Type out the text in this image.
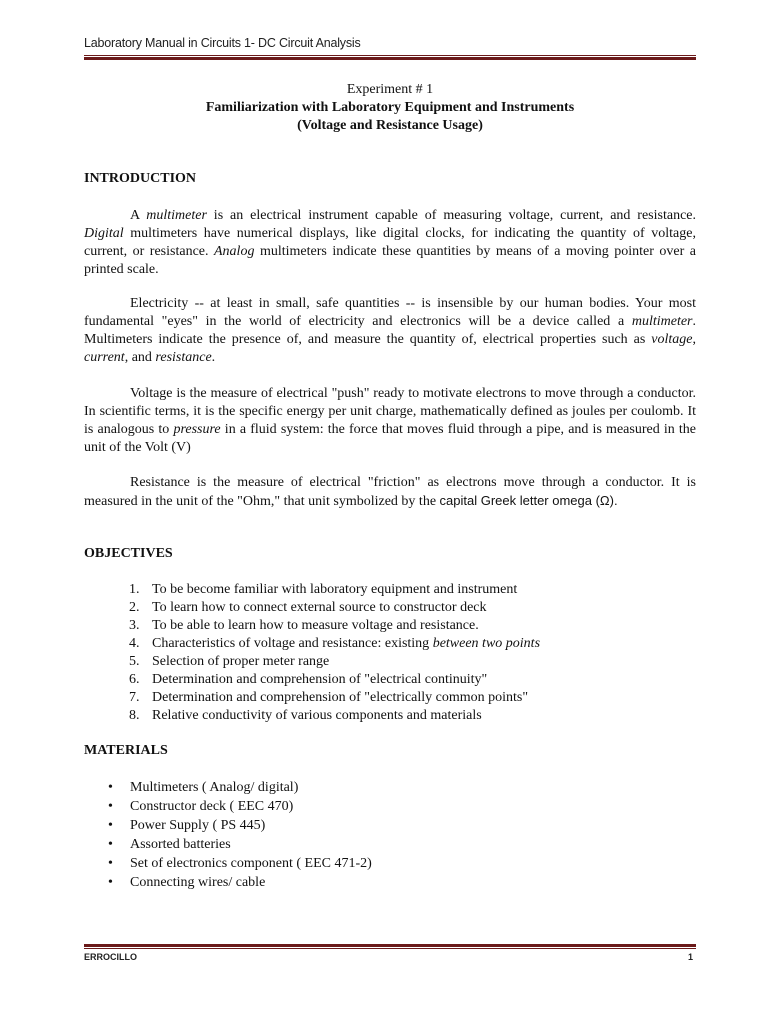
Laboratory Manual in Circuits 1- DC Circuit Analysis
Experiment # 1
Familiarization with Laboratory Equipment and Instruments
(Voltage and Resistance Usage)
INTRODUCTION
A multimeter is an electrical instrument capable of measuring voltage, current, and resistance. Digital multimeters have numerical displays, like digital clocks, for indicating the quantity of voltage, current, or resistance. Analog multimeters indicate these quantities by means of a moving pointer over a printed scale.
Electricity -- at least in small, safe quantities -- is insensible by our human bodies. Your most fundamental "eyes" in the world of electricity and electronics will be a device called a multimeter. Multimeters indicate the presence of, and measure the quantity of, electrical properties such as voltage, current, and resistance.
Voltage is the measure of electrical "push" ready to motivate electrons to move through a conductor. In scientific terms, it is the specific energy per unit charge, mathematically defined as joules per coulomb. It is analogous to pressure in a fluid system: the force that moves fluid through a pipe, and is measured in the unit of the Volt (V)
Resistance is the measure of electrical "friction" as electrons move through a conductor. It is measured in the unit of the "Ohm," that unit symbolized by the capital Greek letter omega (Ω).
OBJECTIVES
1. To be become familiar with laboratory equipment and instrument
2. To learn how to connect external source to constructor deck
3. To be able to learn how to measure voltage and resistance.
4. Characteristics of voltage and resistance: existing between two points
5. Selection of proper meter range
6. Determination and comprehension of "electrical continuity"
7. Determination and comprehension of "electrically common points"
8. Relative conductivity of various components and materials
MATERIALS
• Multimeters ( Analog/ digital)
• Constructor deck ( EEC 470)
• Power Supply ( PS 445)
• Assorted batteries
• Set of electronics component ( EEC 471-2)
• Connecting wires/ cable
ERROCILLO	1
